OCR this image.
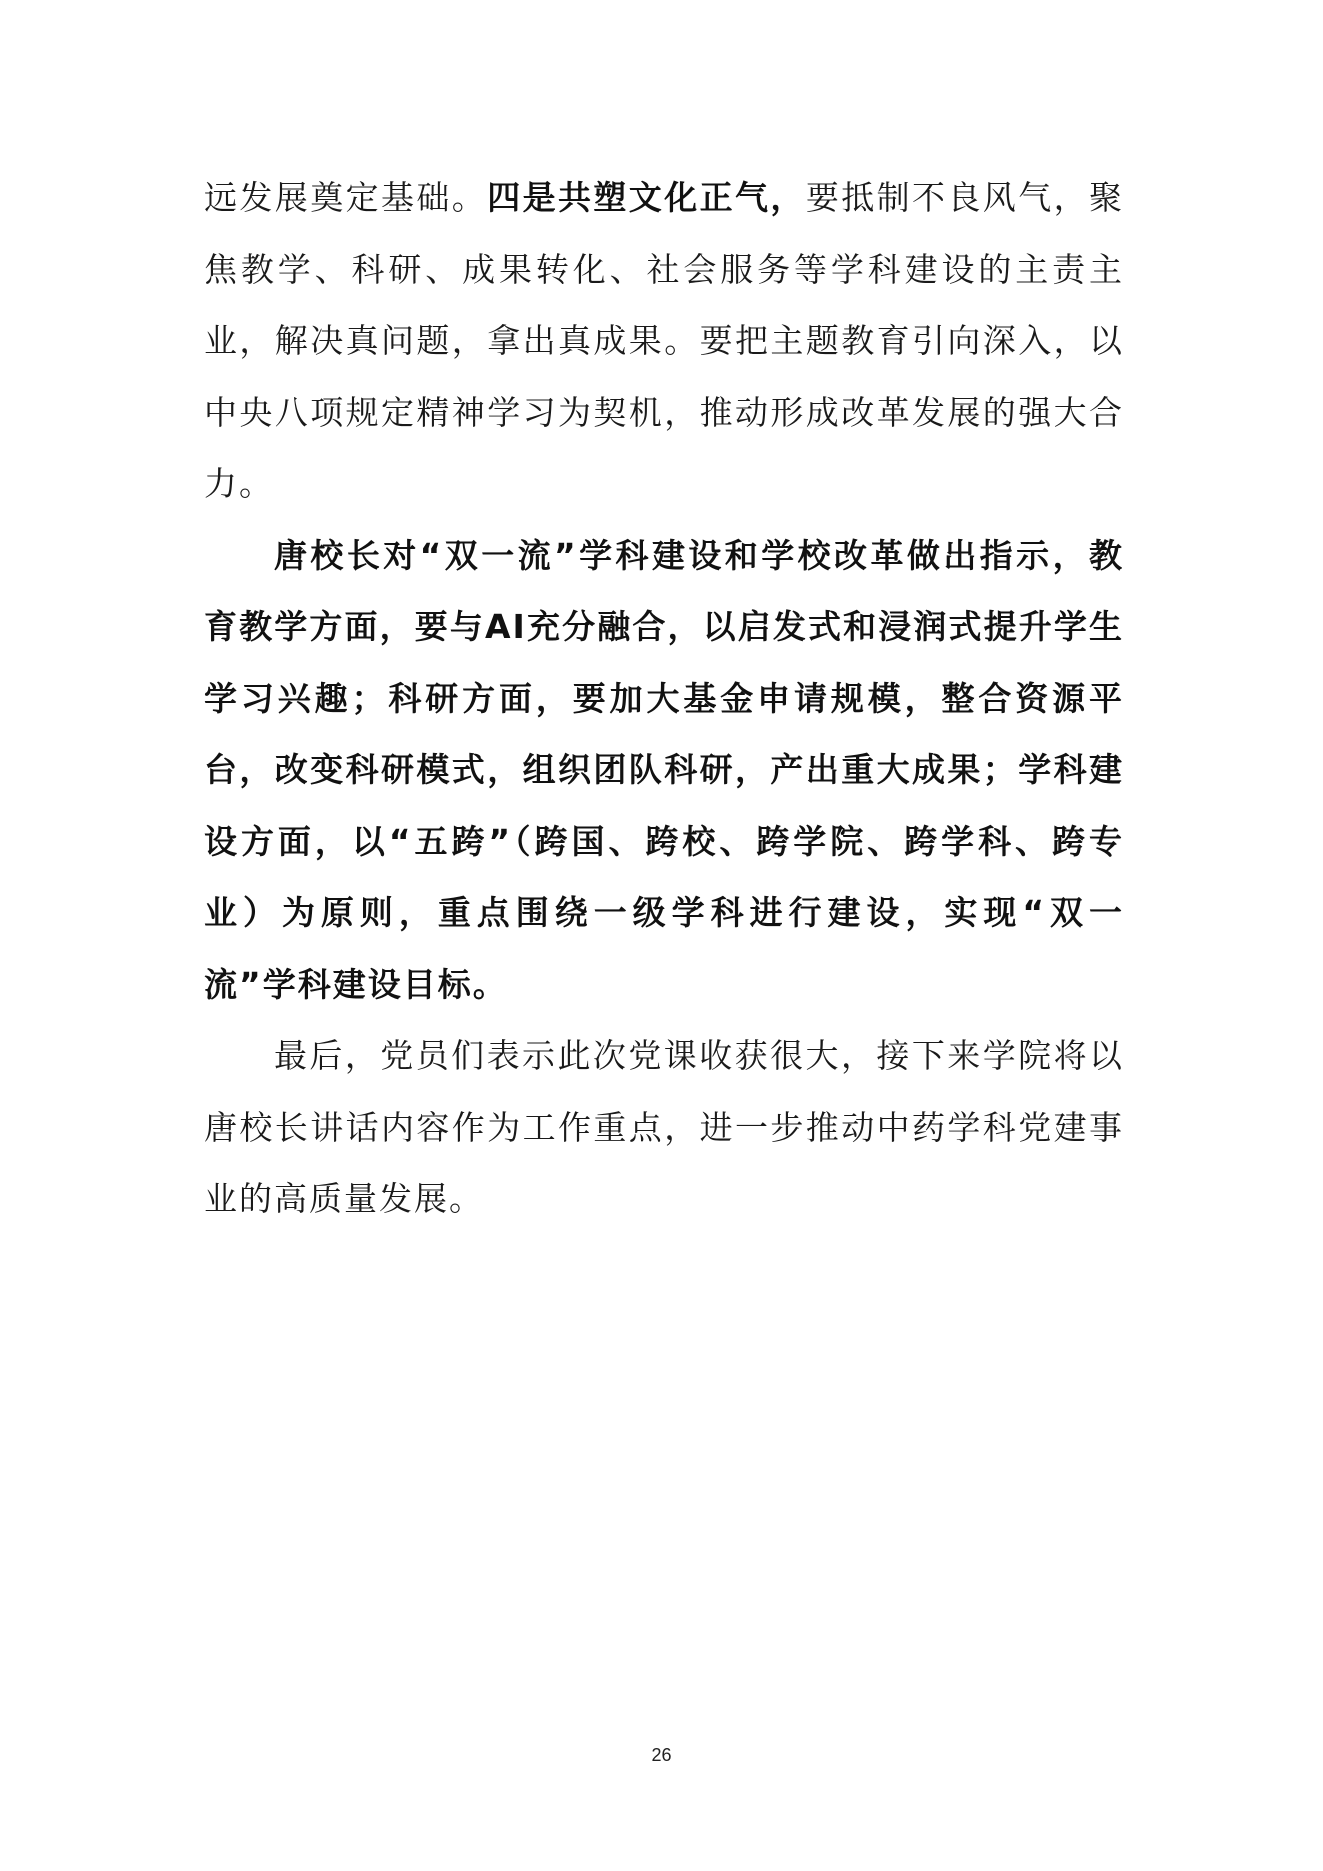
远发展奠定基础。四是共塑文化正气，要抵制不良风气，聚焦教学、科研、成果转化、社会服务等学科建设的主责主业，解决真问题，拿出真成果。要把主题教育引向深入，以中央八项规定精神学习为契机，推动形成改革发展的强大合力。

唐校长对“双一流”学科建设和学校改革做出指示，教育教学方面，要与AI充分融合，以启发式和浸润式提升学生学习兴趣；科研方面，要加大基金申请规模，整合资源平台，改变科研模式，组织团队科研，产出重大成果；学科建设方面，以“五跨”（跨国、跨校、跨学院、跨学科、跨专业）为原则，重点围绕一级学科进行建设，实现“双一流”学科建设目标。

最后，党员们表示此次党课收获很大，接下来学院将以唐校长讲话内容作为工作重点，进一步推动中药学科党建事业的高质量发展。

26
